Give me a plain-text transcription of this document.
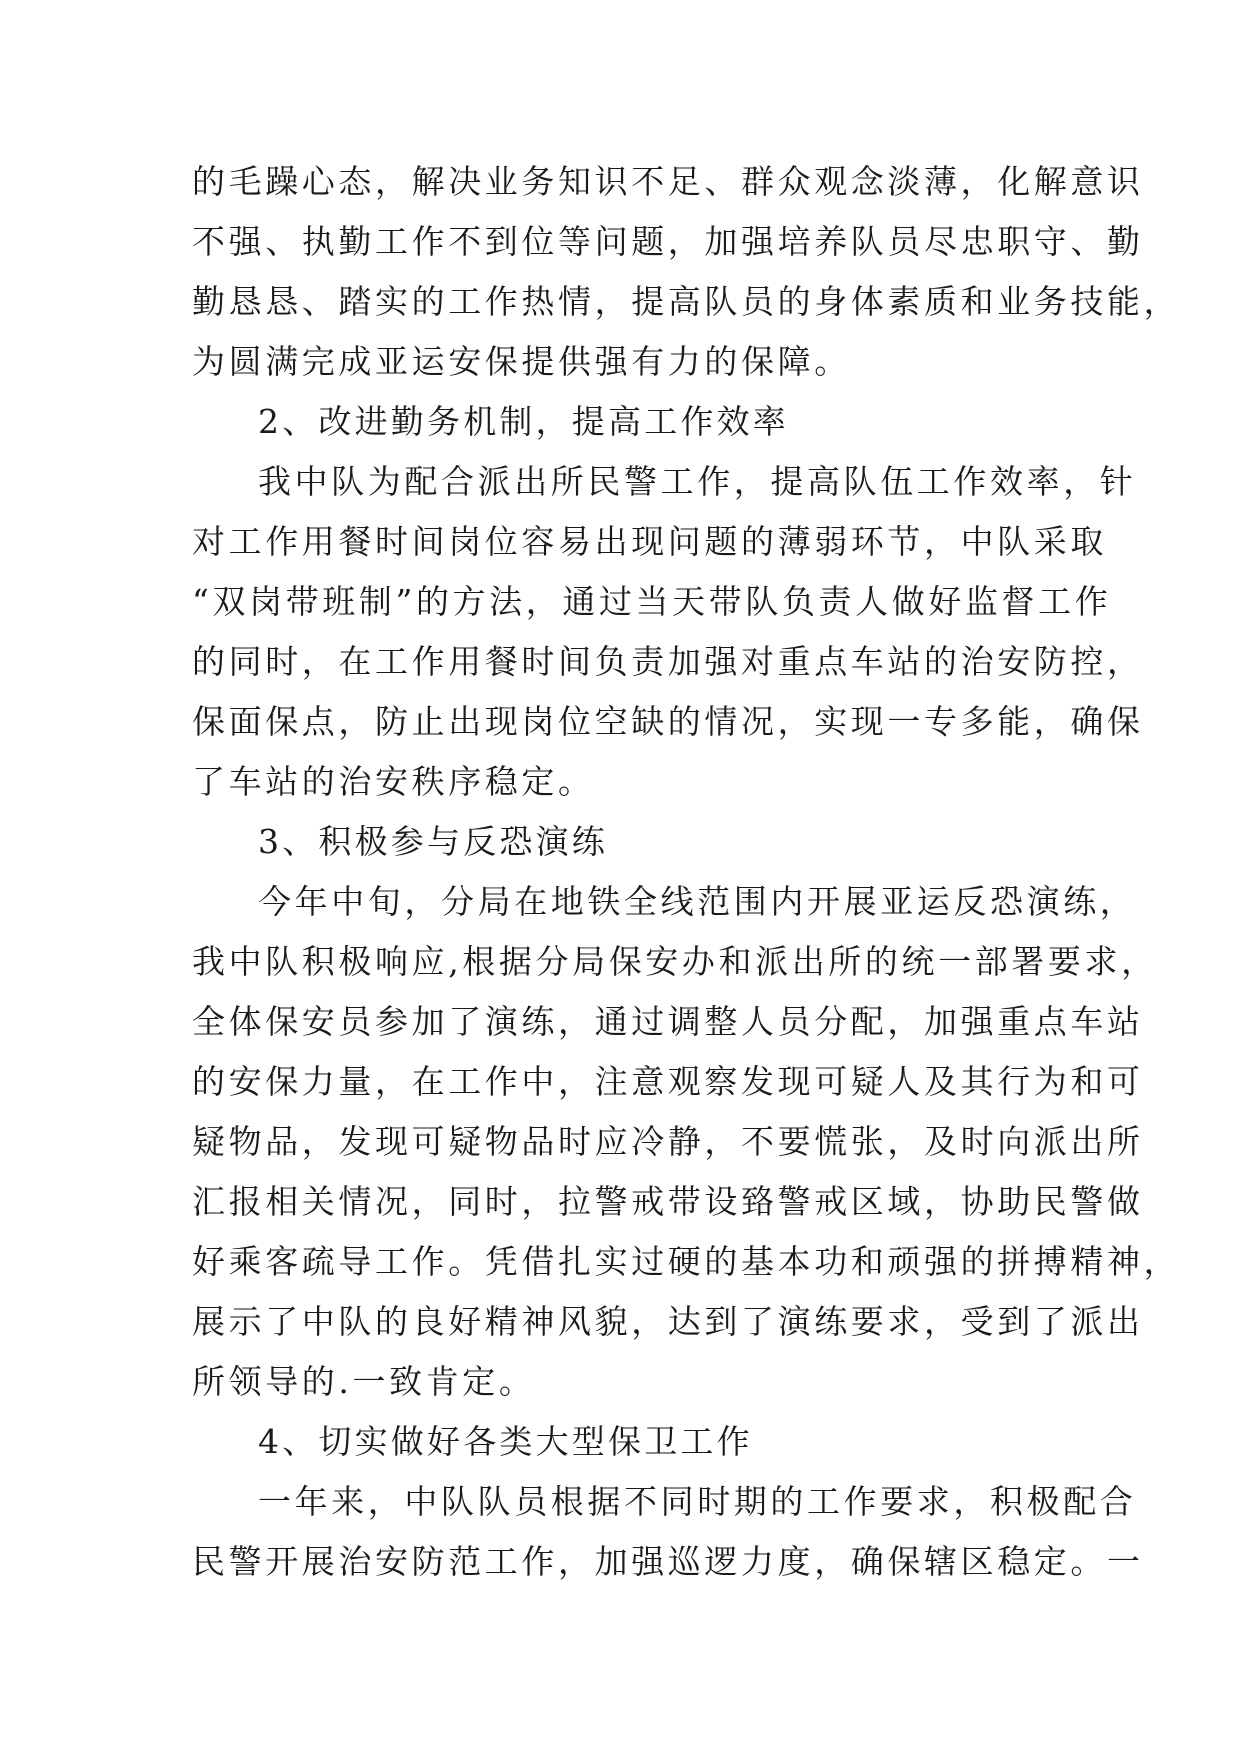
的毛躁心态，解决业务知识不足、群众观念淡薄，化解意识
不强、执勤工作不到位等问题，加强培养队员尽忠职守、勤
勤恳恳、踏实的工作热情，提高队员的身体素质和业务技能，
为圆满完成亚运安保提供强有力的保障。
2、改进勤务机制，提高工作效率
我中队为配合派出所民警工作，提高队伍工作效率，针
对工作用餐时间岗位容易出现问题的薄弱环节，中队采取
“双岗带班制”的方法，通过当天带队负责人做好监督工作
的同时，在工作用餐时间负责加强对重点车站的治安防控，
保面保点，防止出现岗位空缺的情况，实现一专多能，确保
了车站的治安秩序稳定。
3、积极参与反恐演练
今年中旬，分局在地铁全线范围内开展亚运反恐演练，
我中队积极响应,根据分局保安办和派出所的统一部署要求，
全体保安员参加了演练，通过调整人员分配，加强重点车站
的安保力量，在工作中，注意观察发现可疑人及其行为和可
疑物品，发现可疑物品时应冷静，不要慌张，及时向派出所
汇报相关情况，同时，拉警戒带设臵警戒区域，协助民警做
好乘客疏导工作。凭借扎实过硬的基本功和顽强的拼搏精神，
展示了中队的良好精神风貌，达到了演练要求，受到了派出
所领导的.一致肯定。
4、切实做好各类大型保卫工作
一年来，中队队员根据不同时期的工作要求，积极配合
民警开展治安防范工作，加强巡逻力度，确保辖区稳定。一
